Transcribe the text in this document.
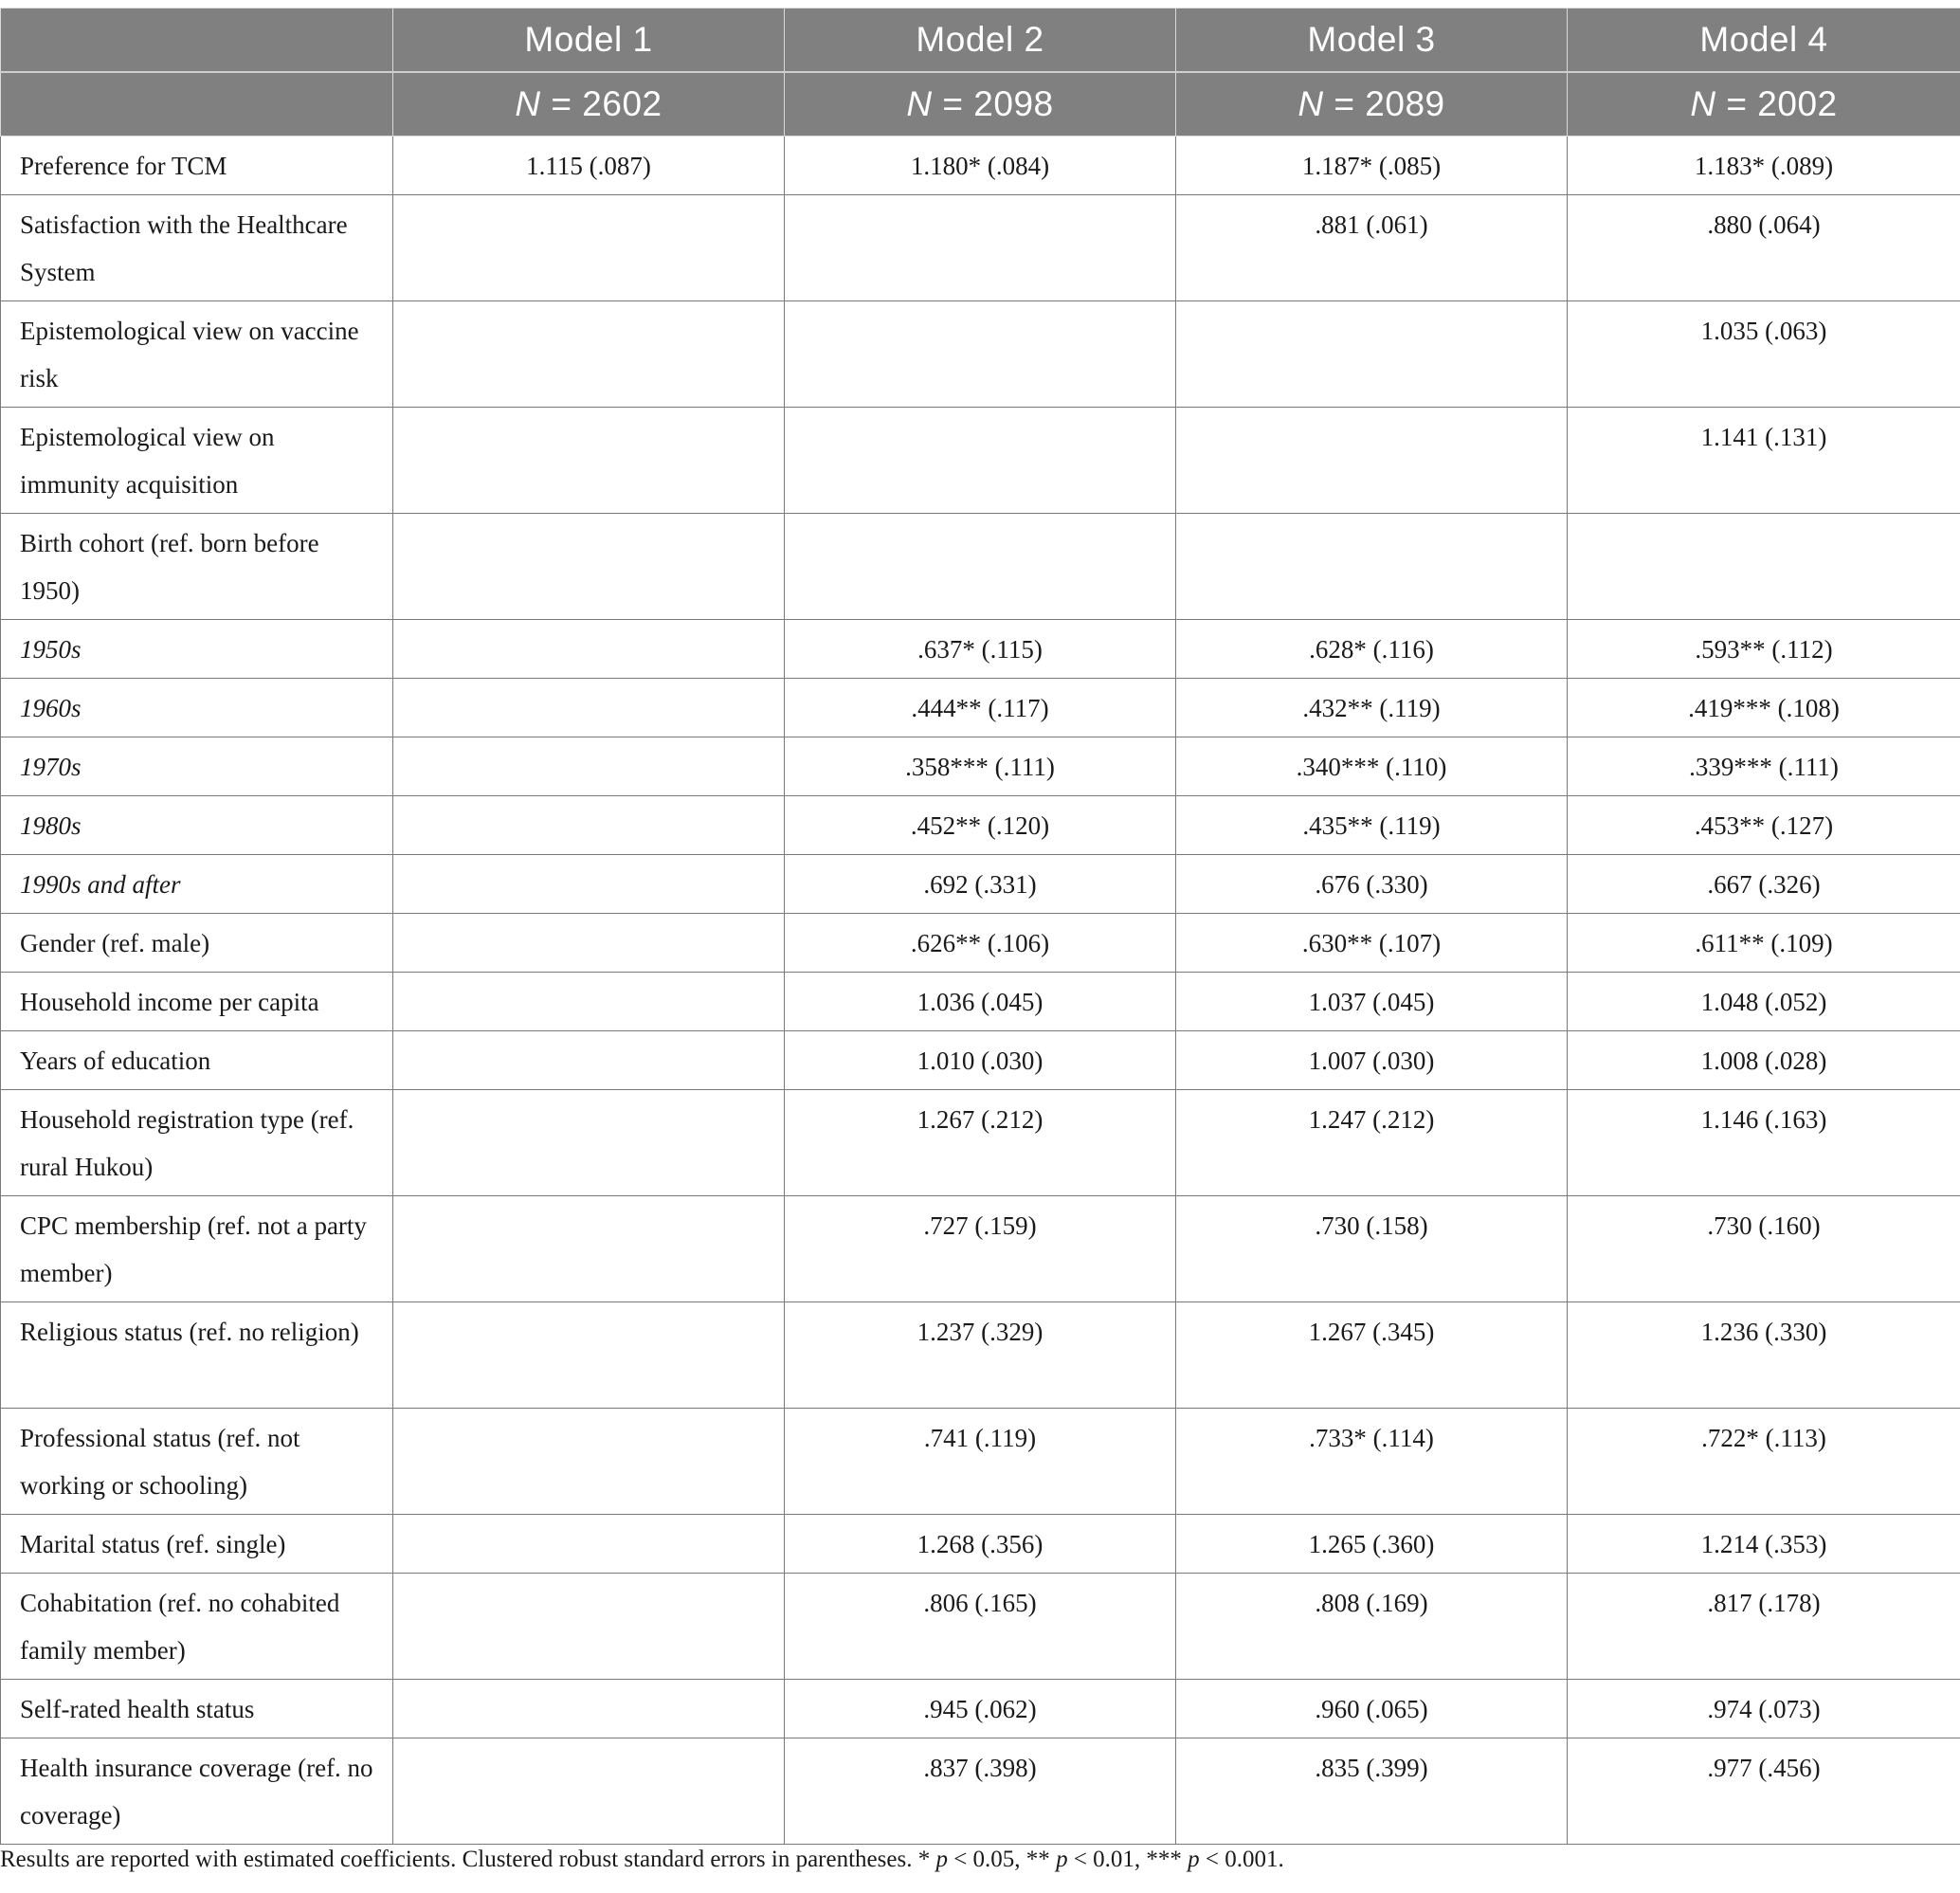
	Model 1	Model 2	Model 3	Model 4
	N = 2602	N = 2098	N = 2089	N = 2002
Preference for TCM	1.115 (.087)	1.180* (.084)	1.187* (.085)	1.183* (.089)
Satisfaction with the Healthcare System			.881 (.061)	.880 (.064)
Epistemological view on vaccine risk				1.035 (.063)
Epistemological view on immunity acquisition				1.141 (.131)
Birth cohort (ref. born before 1950)				
1950s		.637* (.115)	.628* (.116)	.593** (.112)
1960s		.444** (.117)	.432** (.119)	.419*** (.108)
1970s		.358*** (.111)	.340*** (.110)	.339*** (.111)
1980s		.452** (.120)	.435** (.119)	.453** (.127)
1990s and after		.692 (.331)	.676 (.330)	.667 (.326)
Gender (ref. male)		.626** (.106)	.630** (.107)	.611** (.109)
Household income per capita		1.036 (.045)	1.037 (.045)	1.048 (.052)
Years of education		1.010 (.030)	1.007 (.030)	1.008 (.028)
Household registration type (ref. rural Hukou)		1.267 (.212)	1.247 (.212)	1.146 (.163)
CPC membership (ref. not a party member)		.727 (.159)	.730 (.158)	.730 (.160)
Religious status (ref. no religion)		1.237 (.329)	1.267 (.345)	1.236 (.330)
Professional status (ref. not working or schooling)		.741 (.119)	.733* (.114)	.722* (.113)
Marital status (ref. single)		1.268 (.356)	1.265 (.360)	1.214 (.353)
Cohabitation (ref. no cohabited family member)		.806 (.165)	.808 (.169)	.817 (.178)
Self-rated health status		.945 (.062)	.960 (.065)	.974 (.073)
Health insurance coverage (ref. no coverage)		.837 (.398)	.835 (.399)	.977 (.456)
Results are reported with estimated coefficients. Clustered robust standard errors in parentheses. * p < 0.05, ** p < 0.01, *** p < 0.001.
